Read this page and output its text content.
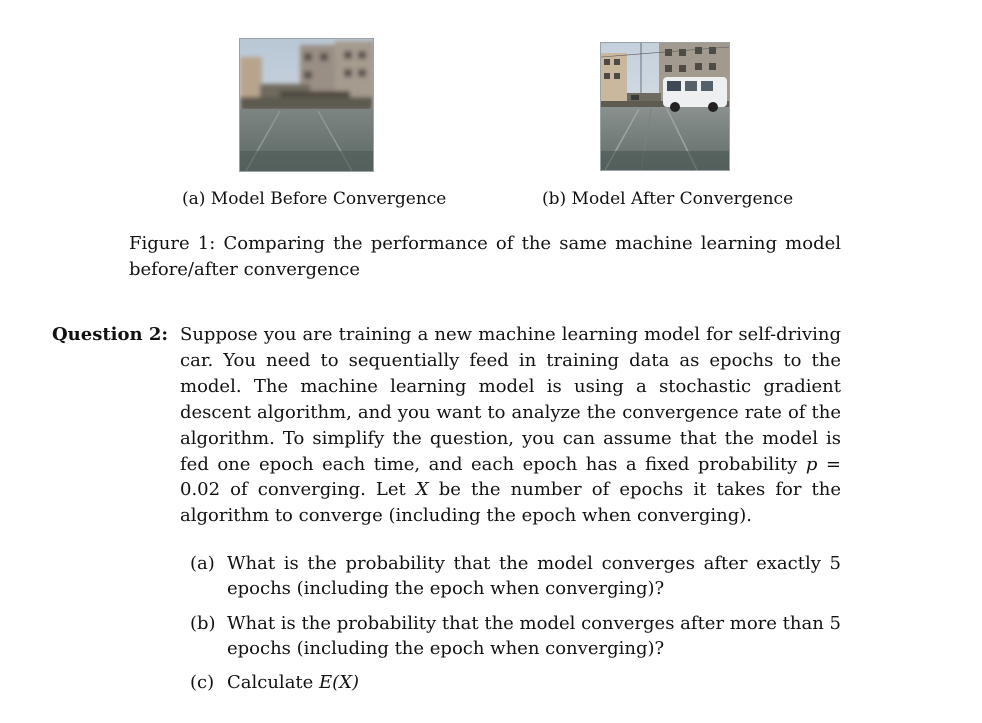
(a) Model Before Convergence	(b) Model After Convergence
Figure 1: Comparing the performance of the same machine learning model before/after convergence
Question 2: Suppose you are training a new machine learning model for self-driving car. You need to sequentially feed in training data as epochs to the model. The machine learning model is using a stochastic gradient descent algorithm, and you want to analyze the convergence rate of the algorithm. To simplify the question, you can assume that the model is fed one epoch each time, and each epoch has a fixed probability p = 0.02 of converging. Let X be the number of epochs it takes for the algorithm to converge (including the epoch when converging).
(a) What is the probability that the model converges after exactly 5 epochs (including the epoch when converging)?
(b) What is the probability that the model converges after more than 5 epochs (including the epoch when converging)?
(c) Calculate E(X)
